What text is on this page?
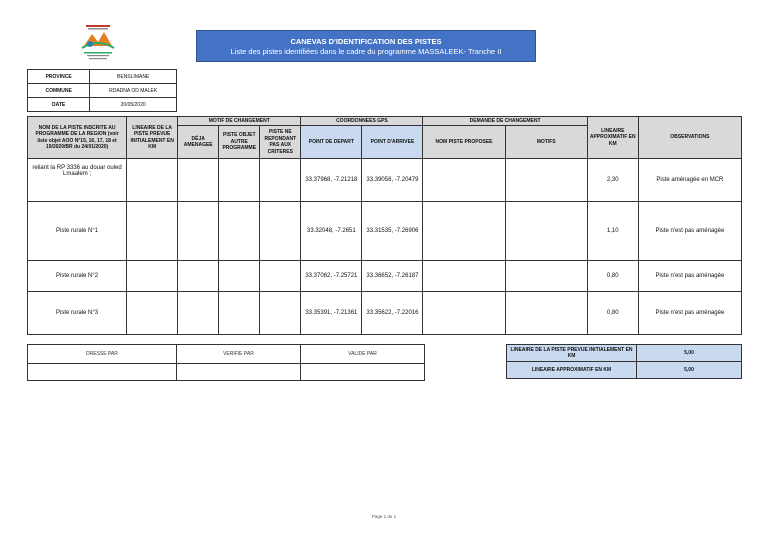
CANEVAS D'IDENTIFICATION DES PISTES
Liste des pistes identifiées dans le cadre du programme MASSALEEK- Tranche II
PROVINCE	BENSLIMANE
COMMUNE	RDADNA OD MALEK
DATE	20/05/2020
NOM DE LA PISTE INSCRITE AU PROGRAMME DE LA REGION (voir liste objet AOO N°15, 16, 17, 18 et 19/2020/BR du 24/01/2020)	LINEAIRE DE LA PISTE PREVUE INITIALEMENT EN KM	MOTIF DE CHANGEMENT			COORDONNEES GPS		DEMANDE DE CHANGEMENT		LINEAIRE APPROXIMATIF EN KM	OBSERVATIONS
		DÉJA AMENAGEE	PISTE OBJET AUTRE PROGRAMME	PISTE NE REPONDANT PAS AUX CRITERES	POINT DE DEPART	POINT D'ARRIVEE	NOM PISTE PROPOSEE	MOTIFS		
reliant la RP 3336 au douar ouled Lmaalem ;					33.37968, -7.21218	33.39058, -7.20479			2,30	Piste aménagée en MCR
Piste rurale N°1					33.32048, -7.2651	33.31535, -7.26906			1,10	Piste n'est pas aménagée
Piste rurale N°2					33.37062, -7.25721	33.36652, -7.26187			0,80	Piste n'est pas aménagée
Piste rurale N°3					33.35391, -7.21361	33.35622, -7.22016			0,80	Piste n'est pas aménagée
DRESSE PAR	VERIFIE PAR	VALIDE PAR

LINEAIRE DE LA PISTE PREVUE INITIALEMENT EN KM	5,00
LINEAIRE APPROXIMATIF EN KM	5,00
Page 1 de 1
